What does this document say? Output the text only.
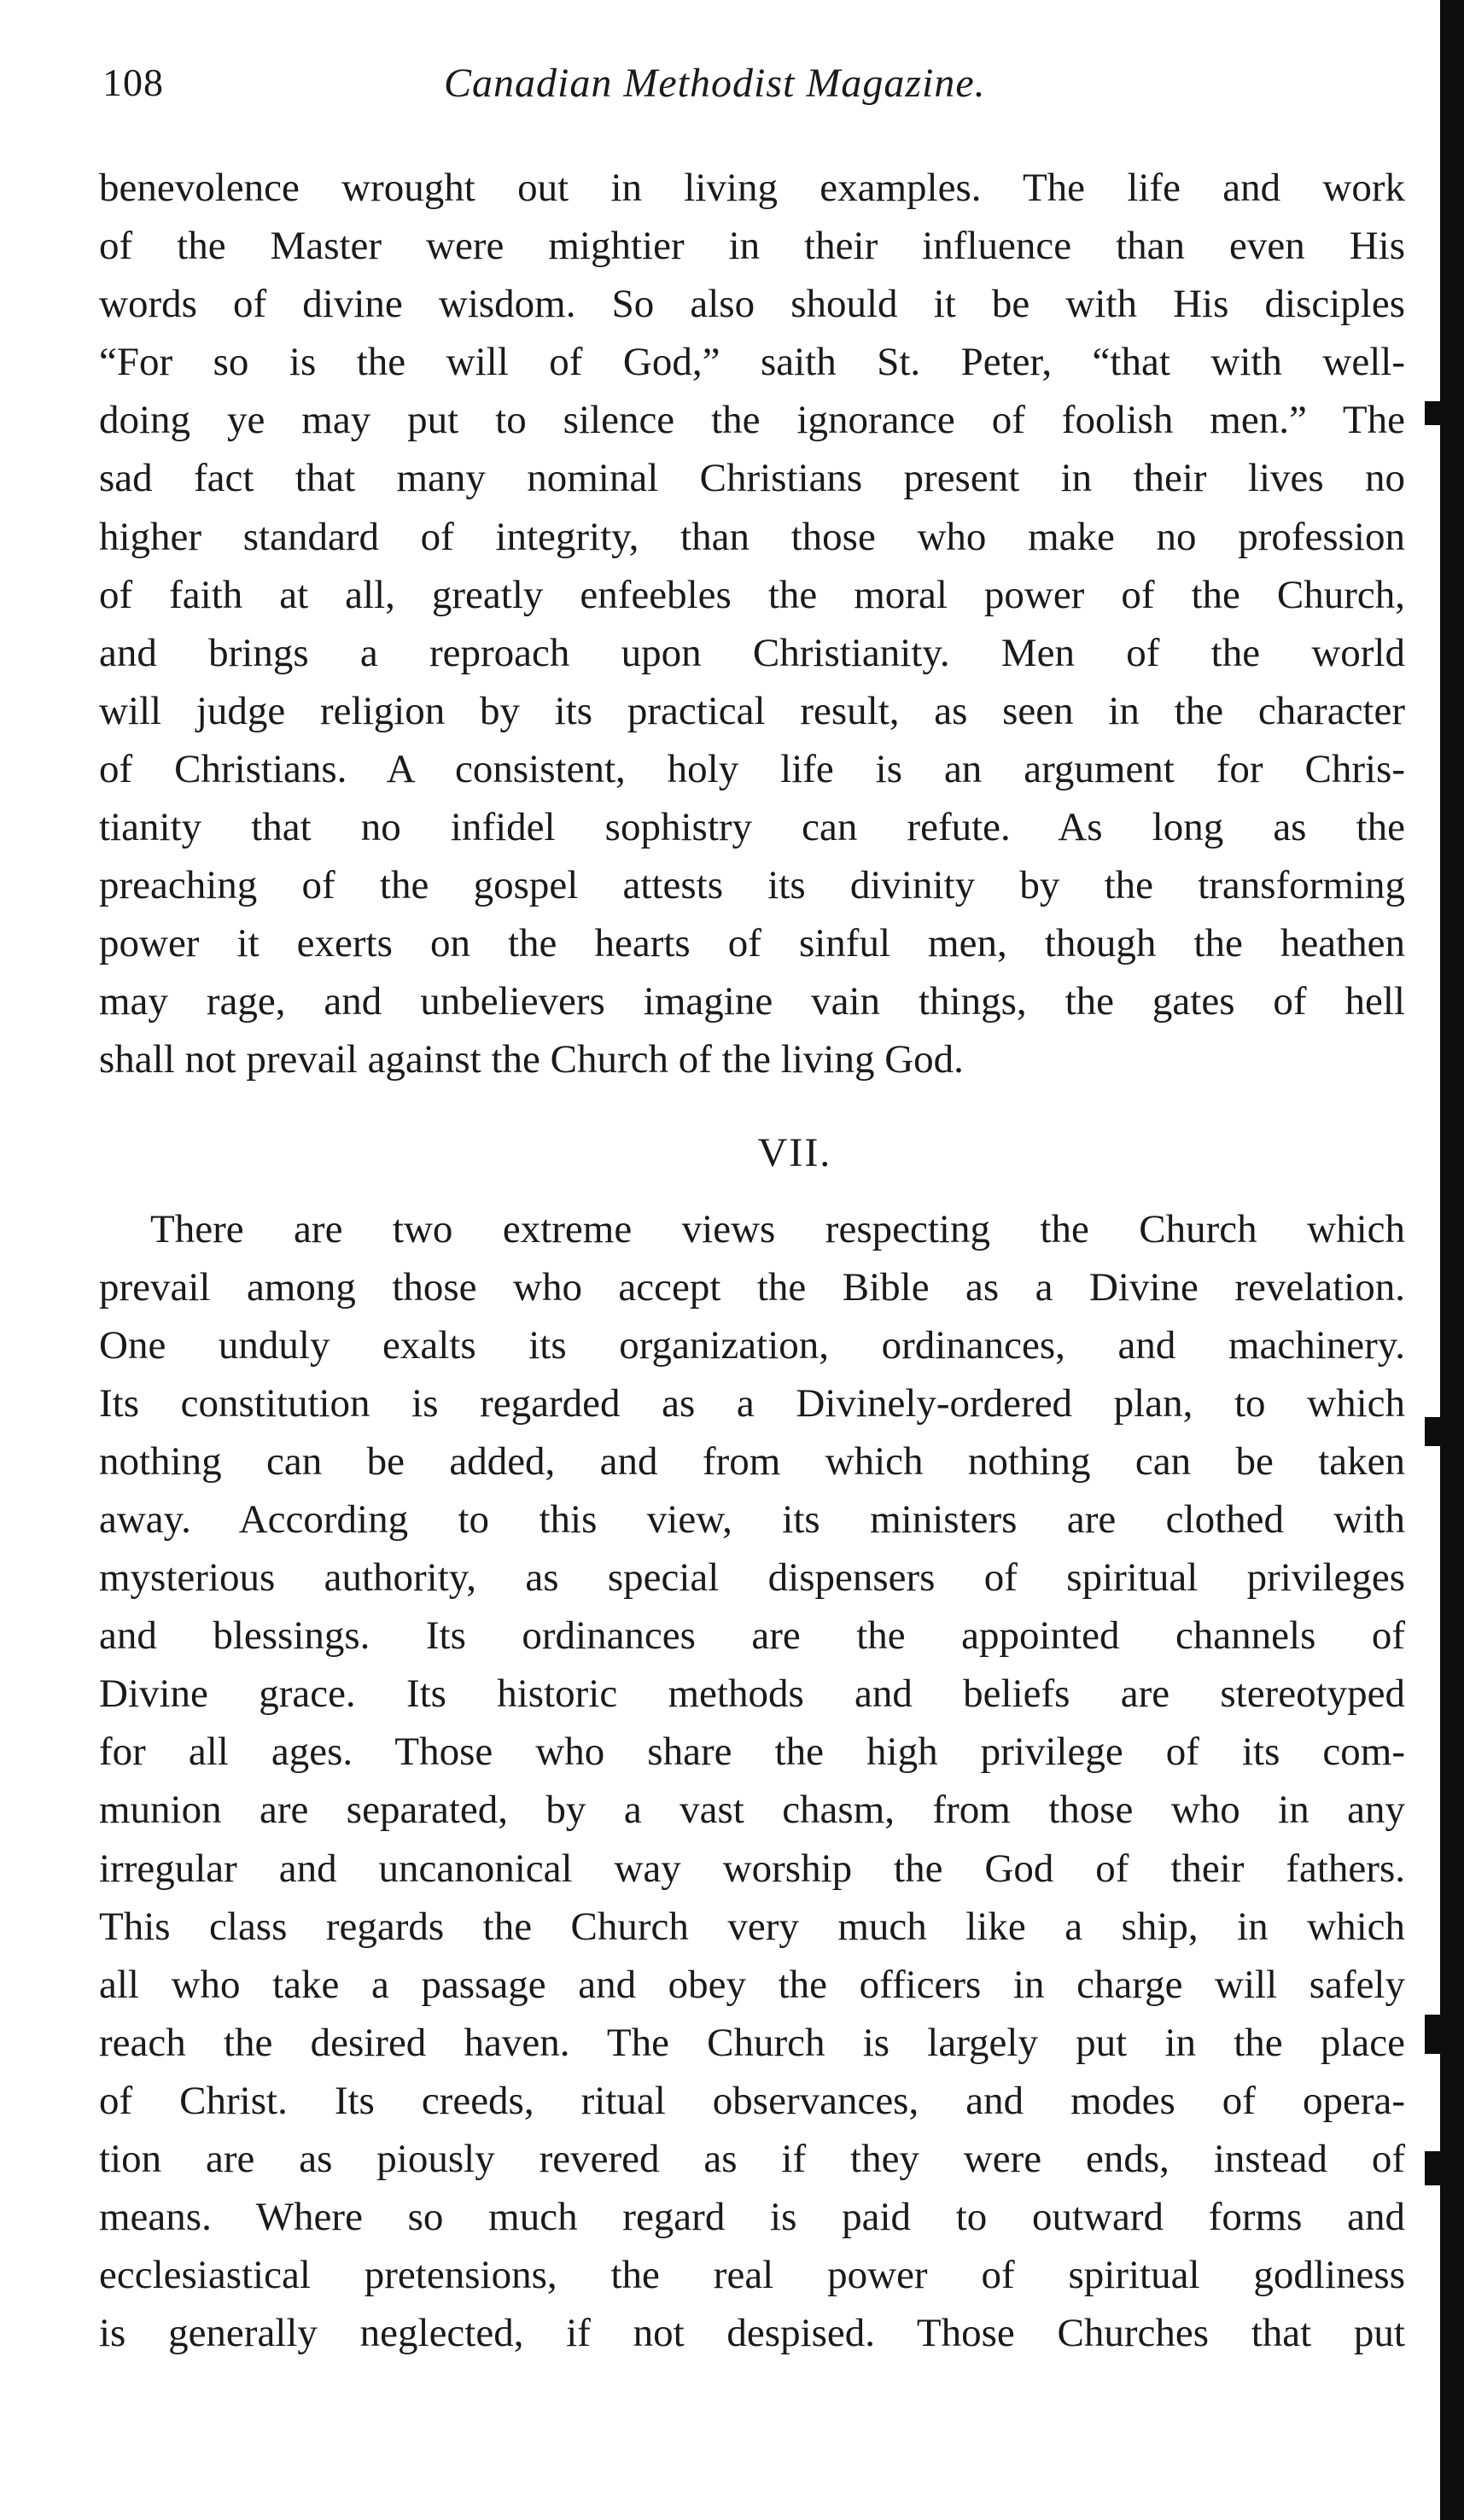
108	Canadian Methodist Magazine.
benevolence wrought out in living examples. The life and work
of the Master were mightier in their influence than even His
words of divine wisdom. So also should it be with His disciples
“For so is the will of God,” saith St. Peter, “that with well-
doing ye may put to silence the ignorance of foolish men.” The
sad fact that many nominal Christians present in their lives no
higher standard of integrity, than those who make no profession
of faith at all, greatly enfeebles the moral power of the Church,
and brings a reproach upon Christianity. Men of the world
will judge religion by its practical result, as seen in the character
of Christians. A consistent, holy life is an argument for Chris-
tianity that no infidel sophistry can refute. As long as the
preaching of the gospel attests its divinity by the transforming
power it exerts on the hearts of sinful men, though the heathen
may rage, and unbelievers imagine vain things, the gates of hell
shall not prevail against the Church of the living God.
VII.
There are two extreme views respecting the Church which
prevail among those who accept the Bible as a Divine revelation.
One unduly exalts its organization, ordinances, and machinery.
Its constitution is regarded as a Divinely-ordered plan, to which
nothing can be added, and from which nothing can be taken
away. According to this view, its ministers are clothed with
mysterious authority, as special dispensers of spiritual privileges
and blessings. Its ordinances are the appointed channels of
Divine grace. Its historic methods and beliefs are stereotyped
for all ages. Those who share the high privilege of its com-
munion are separated, by a vast chasm, from those who in any
irregular and uncanonical way worship the God of their fathers.
This class regards the Church very much like a ship, in which
all who take a passage and obey the officers in charge will safely
reach the desired haven. The Church is largely put in the place
of Christ. Its creeds, ritual observances, and modes of opera-
tion are as piously revered as if they were ends, instead of
means. Where so much regard is paid to outward forms and
ecclesiastical pretensions, the real power of spiritual godliness
is generally neglected, if not despised. Those Churches that put
